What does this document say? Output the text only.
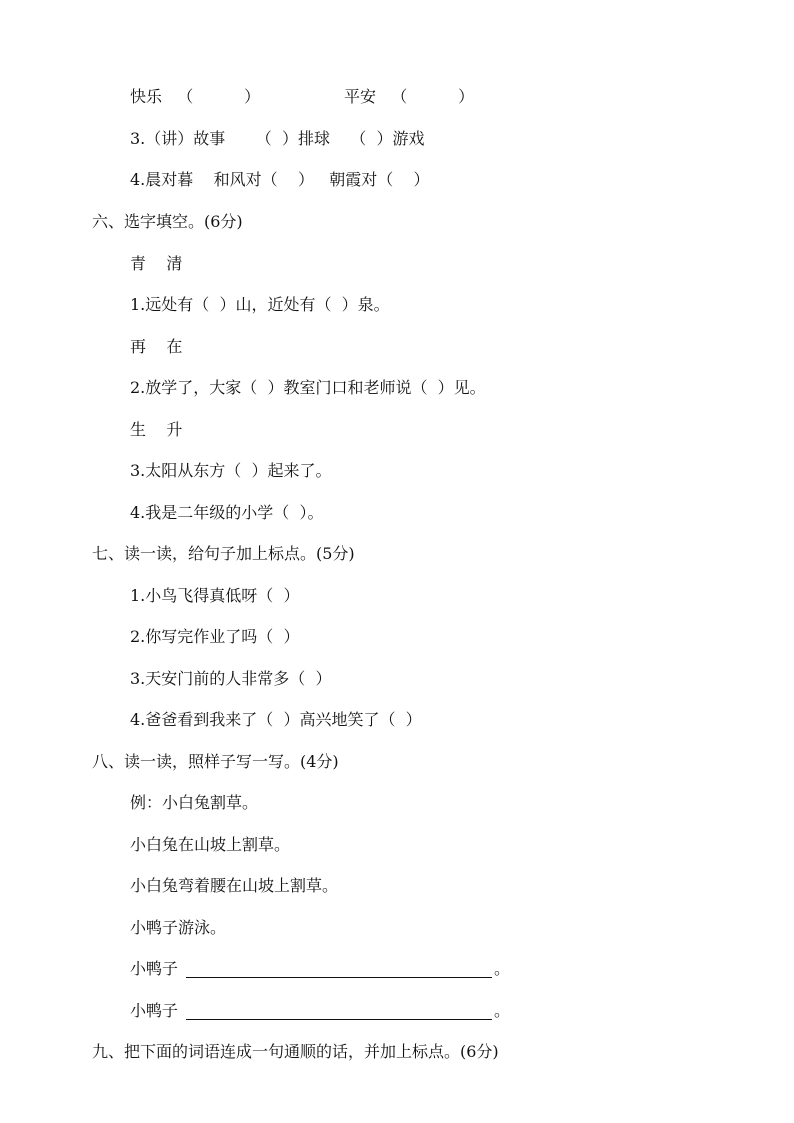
快乐   （          ）	平安   （          ）
3.（讲）故事      （  ）排球    （  ）游戏
4.晨对暮    和风对（    ）   朝霞对（    ）
六、选字填空。(6分)
青    清
1.远处有（  ）山，近处有（  ）泉。
再    在
2.放学了，大家（  ）教室门口和老师说（  ）见。
生    升
3.太阳从东方（  ）起来了。
4.我是二年级的小学（  ）。
七、读一读，给句子加上标点。(5分)
1.小鸟飞得真低呀（  ）
2.你写完作业了吗（  ）
3.天安门前的人非常多（  ）
4.爸爸看到我来了（  ）高兴地笑了（  ）
八、读一读，照样子写一写。(4分)
例：小白兔割草。
小白兔在山坡上割草。
小白兔弯着腰在山坡上割草。
小鸭子游泳。
小鸭子	。
小鸭子	。
九、把下面的词语连成一句通顺的话，并加上标点。(6分)
